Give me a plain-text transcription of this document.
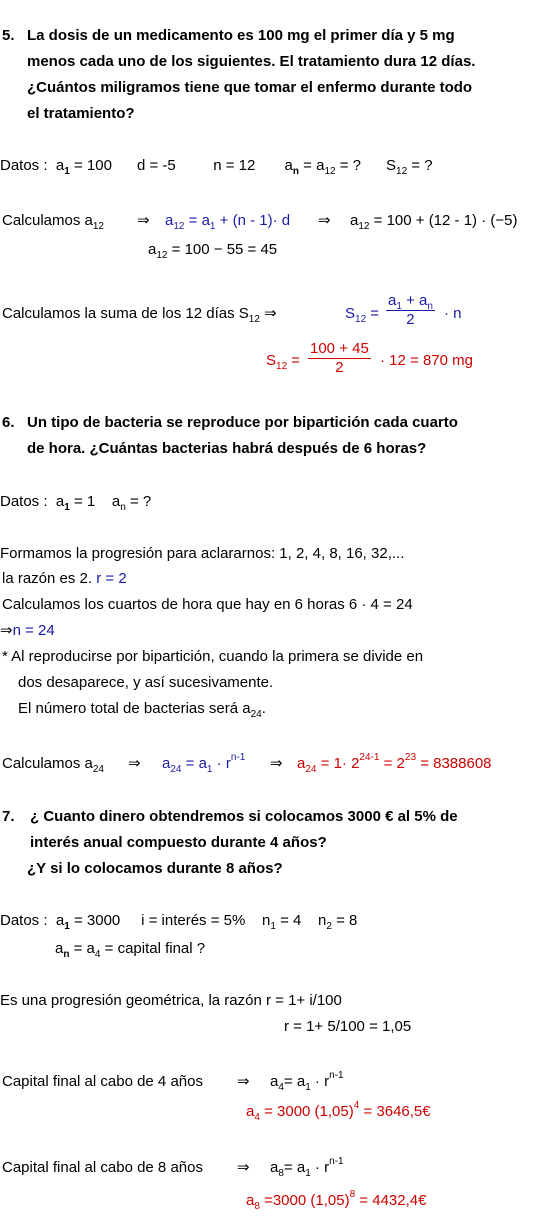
5. La dosis de un medicamento es 100 mg el primer día y 5 mg
menos cada uno de los siguientes. El tratamiento dura 12 días.
¿Cuántos miligramos tiene que tomar el enfermo durante todo
el tratamiento?
Datos :  $a_1 = 100$ d = -5	n = 12       $a_n = a_{12}$ = ?      $S_{12}$ = ?
Calculamos $a_{12}$ ⇒ $a_{12} = a_1 + (n - 1)\cdot d$ ⇒ $a_{12} = 100 + (12 - 1) \cdot (-5)$
$a_{12} = 100 - 55 = 45$
Calculamos la suma de los 12 días $S_{12}$ ⇒	$S_{12} = \frac{a_1 + a_n}{2} \cdot n$
$S_{12} = \frac{100 + 45}{2} \cdot 12 = 870$ mg
6. Un tipo de bacteria se reproduce por bipartición cada cuarto
de hora. ¿Cuántas bacterias habrá después de 6 horas?
Datos :  $a_1 = 1$    $a_n$ = ?
Formamos la progresión para aclararnos: 1, 2, 4, 8, 16, 32,...
la razón es 2. r = 2
Calculamos los cuartos de hora que hay en 6 horas 6 · 4 = 24
⇒n = 24
* Al reproducirse por bipartición, cuando la primera se divide en
dos desaparece, y así sucesivamente.
El número total de bacterias será $a_{24}$.
Calculamos $a_{24}$ ⇒ $a_{24} = a_1 \cdot r^{n-1}$ ⇒ $a_{24} = 1\cdot 2^{24-1} = 2^{23} = 8388608$
7. ¿ Cuanto dinero obtendremos si colocamos 3000 € al 5% de
interés anual compuesto durante 4 años?
¿Y si lo colocamos durante 8 años?
Datos :  $a_1 = 3000$ i = interés = 5%    $n_1 = 4$    $n_2 = 8$
$a_n = a_4$ = capital final ?
Es una progresión geométrica, la razón r = 1+ i/100
r = 1+ 5/100 = 1,05
Capital final al cabo de 4 años ⇒ $a_4= a_1 \cdot r^{n-1}$
$a_4 = 3000$ $(1,05)^4$ = 3646,5€
Capital final al cabo de 8 años ⇒ $a_8= a_1 \cdot r^{n-1}$
$a_8 =3000$ $(1,05)^8$ = 4432,4€
